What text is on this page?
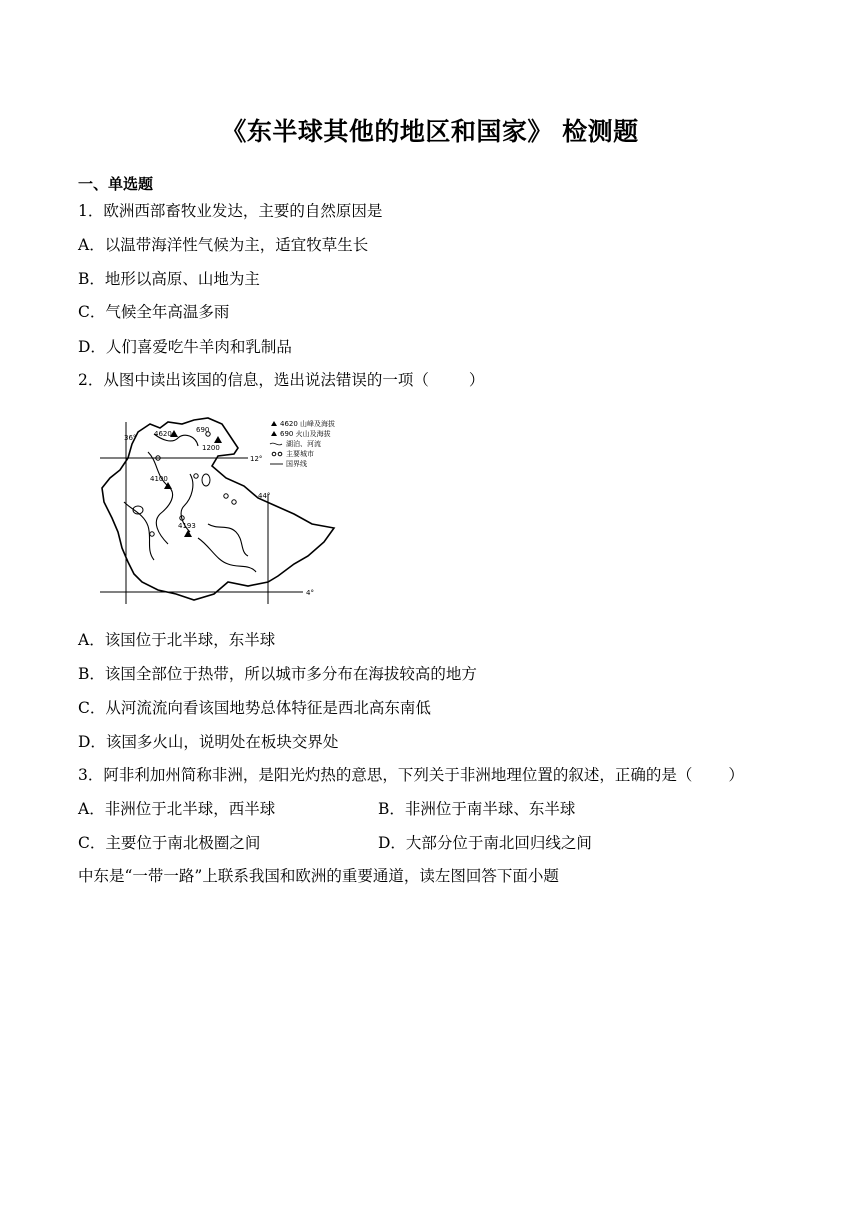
《东半球其他的地区和国家》 检测题
一、单选题
1．欧洲西部畜牧业发达，主要的自然原因是
A．以温带海洋性气候为主，适宜牧草生长
B．地形以高原、山地为主
C．气候全年高温多雨
D．人们喜爱吃牛羊肉和乳制品
2．从图中读出该国的信息，选出说法错误的一项（	）
36°
44°
12°
4°
4620	690
1200
4100
4193
4620 山峰及海拔
690 火山及海拔
湖泊、河流
主要城市
国界线
A．该国位于北半球，东半球
B．该国全部位于热带，所以城市多分布在海拔较高的地方
C．从河流流向看该国地势总体特征是西北高东南低
D．该国多火山，说明处在板块交界处
3．阿非利加州简称非洲，是阳光灼热的意思，下列关于非洲地理位置的叙述，正确的是（ ）
A．非洲位于北半球，西半球	B．非洲位于南半球、东半球
C．主要位于南北极圈之间	D．大部分位于南北回归线之间
中东是“一带一路”上联系我国和欧洲的重要通道，读左图回答下面小题
